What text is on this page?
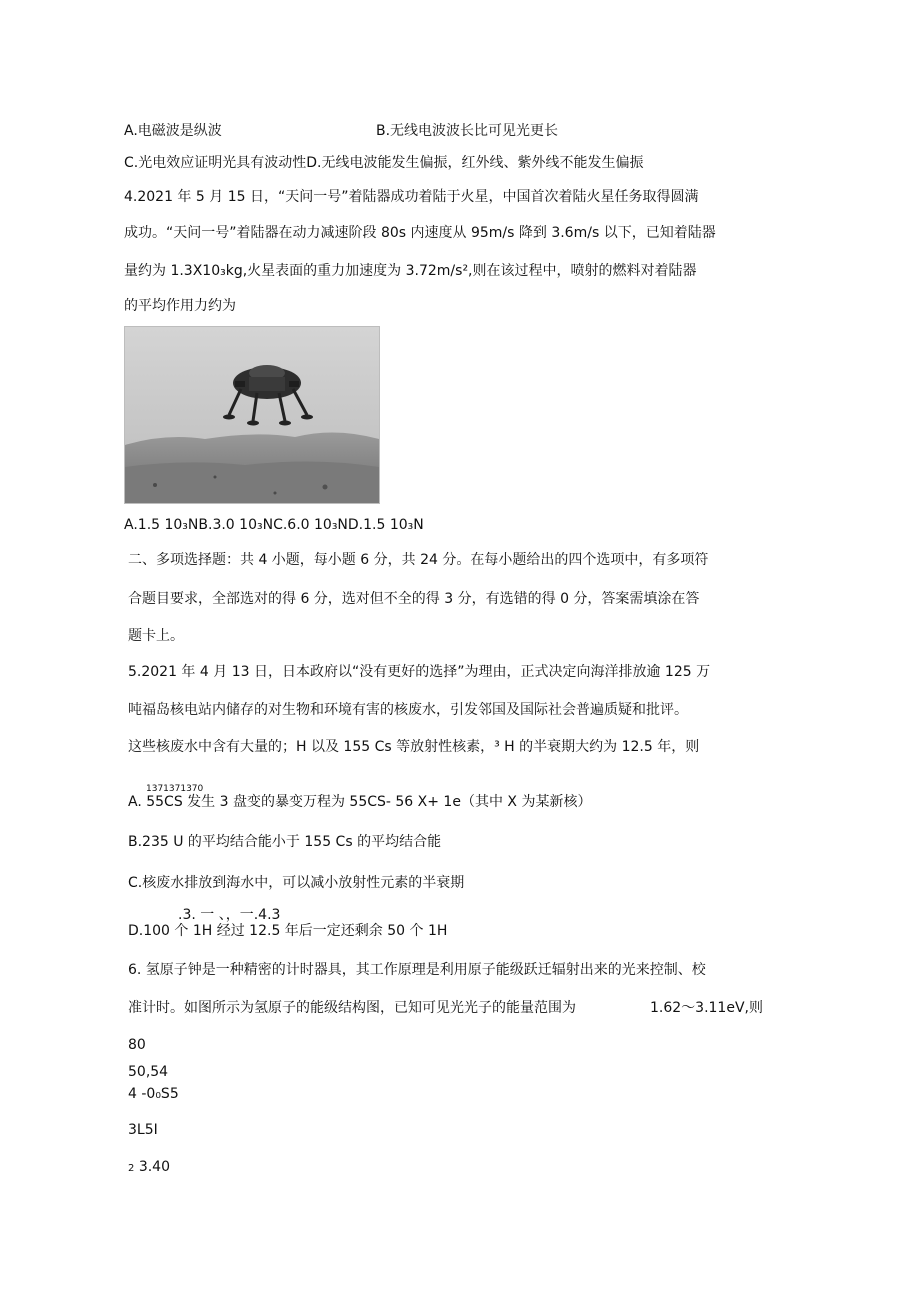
A.电磁波是纵波	B.无线电波波长比可见光更长
C.光电效应证明光具有波动性D.无线电波能发生偏振，红外线、紫外线不能发生偏振
4.2021 年 5 月 15 日，“天问一号”着陆器成功着陆于火星，中国首次着陆火星任务取得圆满
成功。“天问一号”着陆器在动力减速阶段 80s 内速度从 95m/s 降到 3.6m/s 以下，已知着陆器
量约为 1.3X10₃kg,火星表面的重力加速度为 3.72m/s²,则在该过程中，喷射的燃料对着陆器
的平均作用力约为
A.1.5 10₃NB.3.0 10₃NC.6.0 10₃ND.1.5 10₃N
二、多项选择题：共 4 小题，每小题 6 分，共 24 分。在每小题给出的四个选项中，有多项符
合题目要求，全部选对的得 6 分，选对但不全的得 3 分，有选错的得 0 分，答案需填涂在答
题卡上。
5.2021 年 4 月 13 日，日本政府以“没有更好的选择”为理由，正式决定向海洋排放逾 125 万
吨福岛核电站内储存的对生物和环境有害的核废水，引发邻国及国际社会普遍质疑和批评。
这些核废水中含有大量的；H 以及 155 Cs 等放射性核素，³ H 的半衰期大约为 12.5 年，则
1371371370
A. 55CS 发生 3 盘变的暴变万程为 55CS- 56 X+ 1e（其中 X 为某新核）
B.235 U 的平均结合能小于 155 Cs 的平均结合能
C.核废水排放到海水中，可以减小放射性元素的半衰期
.3. 一 、，一.4.3
D.100 个 1H 经过 12.5 年后一定还剩余 50 个 1H
6. 氢原子钟是一种精密的计时器具，其工作原理是利用原子能级跃迁辐射出来的光来控制、校
准计时。如图所示为氢原子的能级结构图，已知可见光光子的能量范围为	1.62～3.11eV,则
80
50,54
4 -0₀S5
3L5I
2 3.40
